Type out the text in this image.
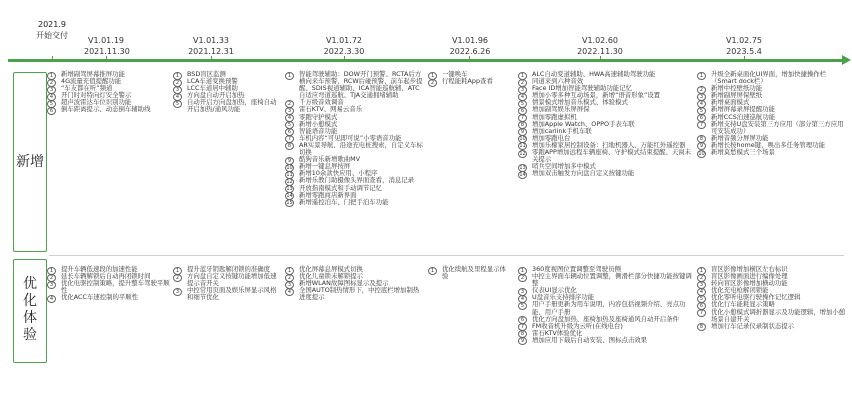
2021.9
开始交付
V1.01.19
2021.11.30
V1.01.33
2021.12.31
V1.01.72
2022.3.30
V1.01.96
2022.6.26
V1.02.60
2022.11.30
V1.02.75
2023.5.4
新增
优化体验
1	新增副驾屏幕推屏功能
2	4G流量充值提醒功能
3	“车友都在听”频道
4	开门时对特向灯安全警示
5	超声波雷达车位识别功能
6	倒车距离提示、动态倒车辅助线
1	BSD盲区监测
2	LCA车道变换预警
3	LCC车道居中辅助
4	方向盘自动开启加热
5	自动开启方向盘加热，座椅自动开启加热/通风功能
1	智能驾驶辅助：DOW开门预警、RCTA后方横向来车预警、RCW后碰预警、前车起步提醒、SDIS视道辅助、ICA智能巡航辅、ATC自适应弯道巡航、TJA交通拥堵辅助
2	千万级音效调音
3	雷石KTV、网易云音乐
4	零跑守护模式
5	新增小憩模式
6	智能语音功能
7	车机内容“可见即可说”小零语音功能
8	AR实景导航、沿途充电桩搜索，自定义车标切换
9	酷狗音乐新增歌曲MV
10 新增一键息屏按屏
11 新增10余款快应用、小程序
12 新增乐教门助摄像头界面查看，消息记录
13 开放指南模式和手动调节记忆
14 新增零跑商店新界面
15 新增遥控泊车、门把手泊车功能
1	一键唤车
2	行程能耗App查看
1	ALC自动变道辅助、HWA高速辅助驾驶功能
2	同道来到六种音效
3	Face ID增加智能驾驶辅助功能记忆
4	增加小零多种互动场景，新增“语音形象”设置
5	情景模式增加音乐模式、体验模式
6	增加副驾娱乐屏屏保
7	增加零跑虚拟机
8	增加Apple Watch、OPPO手表车联
9	增加carlink手机车联
10 增加零跑电台
11 增加乐檬家居控制设备：扫地机器人、万能红外遥控器
12 零跑APP增加远程车辆座椅、守护模式结束提醒、天窗未关提示
13 哨兵空间增加多中模式
14 增加双击触发方向盘自定义按键功能
1	升级全新桌面化UI界面，增加快捷操作栏（Smart dock栏）
2	新增中控壁纸功能
3	新增副屏屏保壁纸
4	新增桌面模式
5	新增屏幕录屏提醒功能
6	新增CCS泊速巡航功能
7	新增支持U盘安装第三方应用（部分第三方应用可安装成功）
8	新增音频分屏屏功能
9	新增长按home键，唤出多任务管理功能
10 新增莫愁模式三个场景
1	提升车辆低速段的加速性能
2	延长车辆解锁后自动再闭锁时间
3	优化电驱控制策略，提升整车驾驶平顺性
4	优化ACC车速控制的平顺性
1	提升蓝牙钥匙解闭锁的准确度
2	方向盘自定义按键功能增加低速提示音开关
3	中控常用页面及娱乐屏显示风格和细节优化
1	优化屏幕息屏模式切换
2	优化儿童锁未解锁提示
3	新增WLAN故障图标显示及提示
4	全国AUTO制热情形下，中控底栏增加制热进度提示
1	优化续航及里程显示体验
1	360度视图位置调整至驾驶员侧
2	中控主界面车辆动位置调整，侧滑栏部分快捷功能按键调整
3	仪表UI显示优化
4	U盘音乐支持排序功能
5	用户手册更新为用车说明，内容包括视频介绍、亮点功能、用户手册
6	优化方向盘加热、座椅加热及座椅通风自动开启条件
7	FM收音机升级为云听(在线电台)
8	雷石KTV体验优化
9	增加应用下载后自动安装、图标点击效果
1	盲区影像增加横区左右标识
2	盲区影像画面进行编像处理
3	转向盲区影像增加横动功能
4	优化充电枪解闭锁能
5	优化零听电驱行驶操作记忆逻辑
6	优化行车能耗显示策略
7	优化小憩模式调折器显示及功能逻辑，增加小憩场景自建开关
8	增加行车记录仪录制状态提示
